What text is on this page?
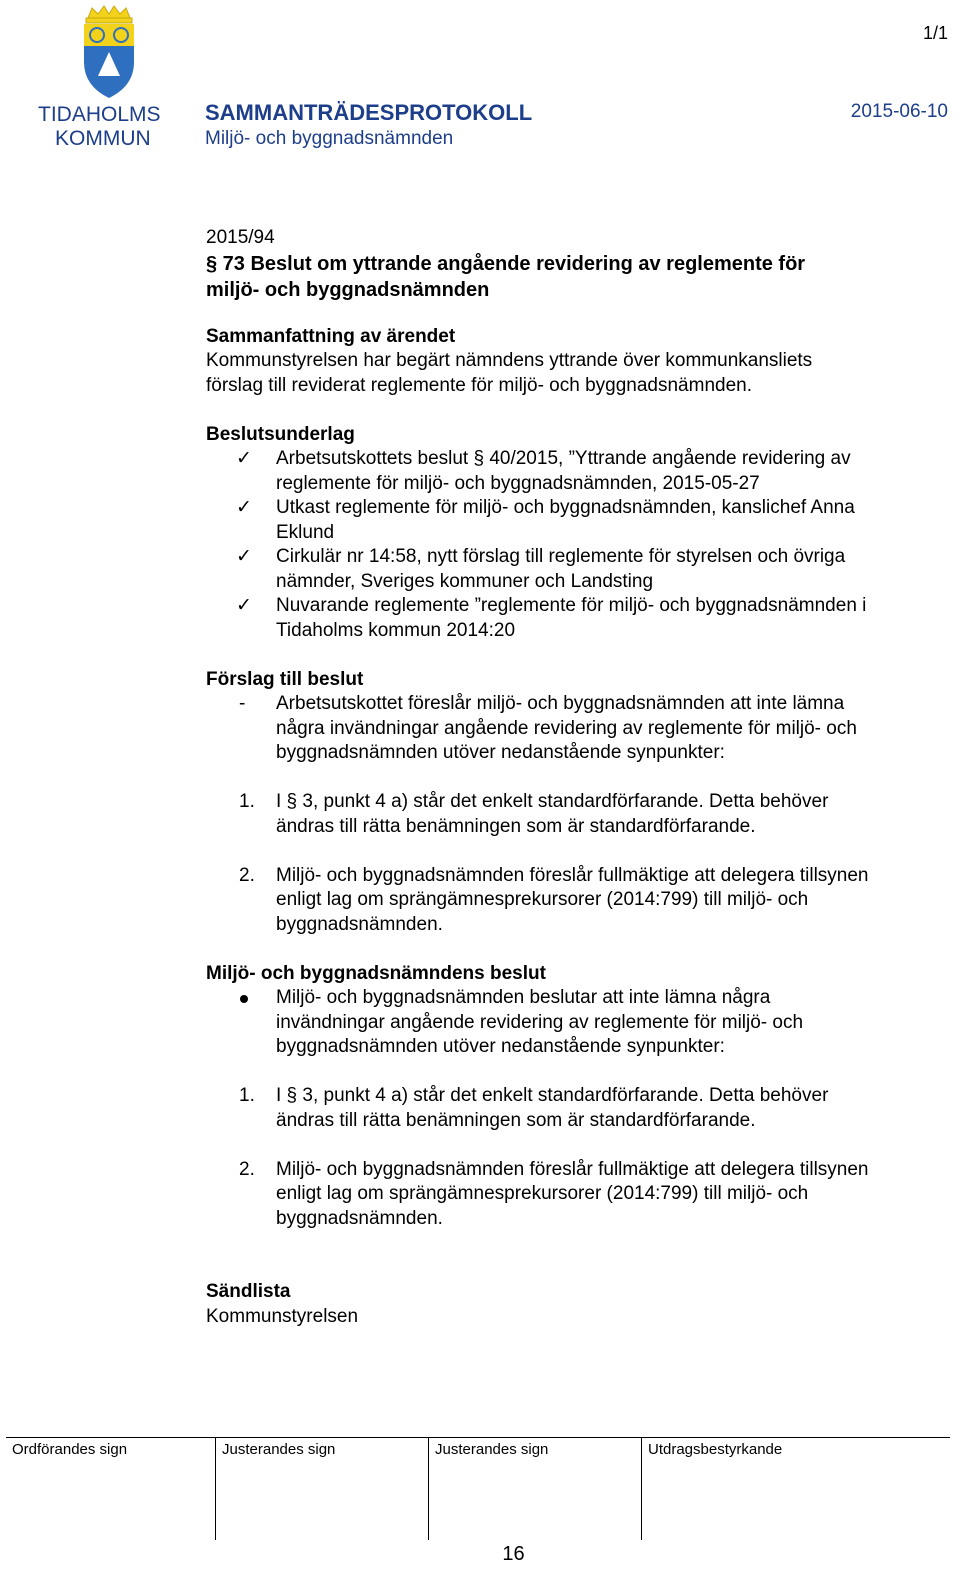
TIDAHOLMS
KOMMUN
1/1
SAMMANTRÄDESPROTOKOLL
Miljö- och byggnadsnämnden
2015-06-10
2015/94
§ 73 Beslut om yttrande angående revidering av reglemente för
miljö- och byggnadsnämnden
Sammanfattning av ärendet
Kommunstyrelsen har begärt nämndens yttrande över kommunkansliets
förslag till reviderat reglemente för miljö- och byggnadsnämnden.
Beslutsunderlag
✓	Arbetsutskottets beslut § 40/2015, ”Yttrande angående revidering av
reglemente för miljö- och byggnadsnämnden, 2015-05-27
✓	Utkast reglemente för miljö- och byggnadsnämnden, kanslichef Anna
Eklund
✓	Cirkulär nr 14:58, nytt förslag till reglemente för styrelsen och övriga
nämnder, Sveriges kommuner och Landsting
✓	Nuvarande reglemente ”reglemente för miljö- och byggnadsnämnden i
Tidaholms kommun 2014:20
Förslag till beslut
- Arbetsutskottet föreslår miljö- och byggnadsnämnden att inte lämna
några invändningar angående revidering av reglemente för miljö- och
byggnadsnämnden utöver nedanstående synpunkter:
1. I § 3, punkt 4 a) står det enkelt standardförfarande. Detta behöver
ändras till rätta benämningen som är standardförfarande.
2. Miljö- och byggnadsnämnden föreslår fullmäktige att delegera tillsynen
enligt lag om sprängämnesprekursorer (2014:799) till miljö- och
byggnadsnämnden.
Miljö- och byggnadsnämndens beslut
Miljö- och byggnadsnämnden beslutar att inte lämna några
invändningar angående revidering av reglemente för miljö- och
byggnadsnämnden utöver nedanstående synpunkter:
1. I § 3, punkt 4 a) står det enkelt standardförfarande. Detta behöver
ändras till rätta benämningen som är standardförfarande.
2. Miljö- och byggnadsnämnden föreslår fullmäktige att delegera tillsynen
enligt lag om sprängämnesprekursorer (2014:799) till miljö- och
byggnadsnämnden.
Sändlista
Kommunstyrelsen
Ordförandes sign	Justerandes sign	Justerandes sign	Utdragsbestyrkande
16
